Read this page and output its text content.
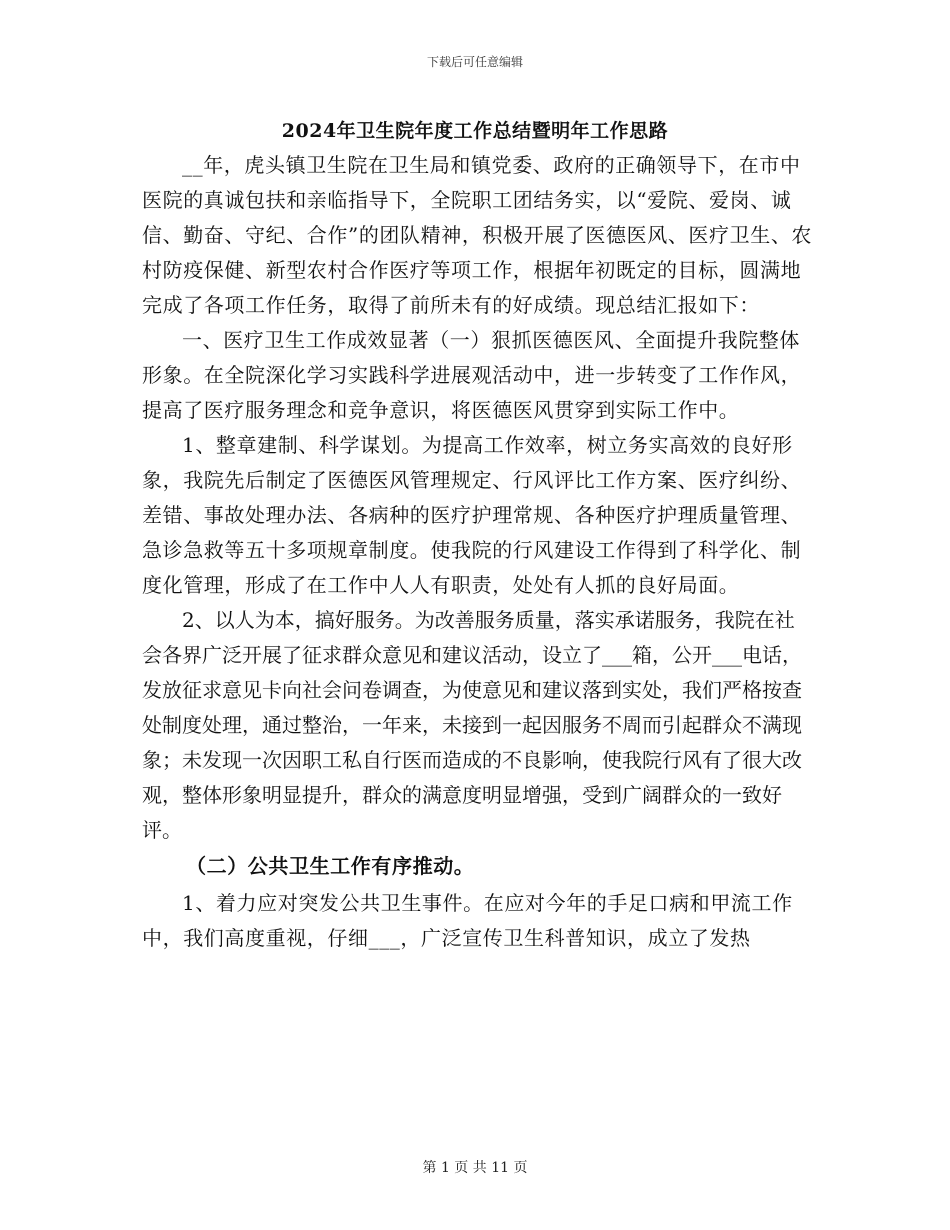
下载后可任意编辑
2024年卫生院年度工作总结暨明年工作思路

__年，虎头镇卫生院在卫生局和镇党委、政府的正确领导下，在市中医院的真诚包扶和亲临指导下，全院职工团结务实，以“爱院、爱岗、诚信、勤奋、守纪、合作”的团队精神，积极开展了医德医风、医疗卫生、农村防疫保健、新型农村合作医疗等项工作，根据年初既定的目标，圆满地完成了各项工作任务，取得了前所未有的好成绩。现总结汇报如下：

一、医疗卫生工作成效显著（一）狠抓医德医风、全面提升我院整体形象。在全院深化学习实践科学进展观活动中，进一步转变了工作作风，提高了医疗服务理念和竞争意识，将医德医风贯穿到实际工作中。

1、整章建制、科学谋划。为提高工作效率，树立务实高效的良好形象，我院先后制定了医德医风管理规定、行风评比工作方案、医疗纠纷、差错、事故处理办法、各病种的医疗护理常规、各种医疗护理质量管理、急诊急救等五十多项规章制度。使我院的行风建设工作得到了科学化、制度化管理，形成了在工作中人人有职责，处处有人抓的良好局面。

2、以人为本，搞好服务。为改善服务质量，落实承诺服务，我院在社会各界广泛开展了征求群众意见和建议活动，设立了___箱，公开___电话，发放征求意见卡向社会问卷调查，为使意见和建议落到实处，我们严格按查处制度处理，通过整治，一年来，未接到一起因服务不周而引起群众不满现象；未发现一次因职工私自行医而造成的不良影响，使我院行风有了很大改观，整体形象明显提升，群众的满意度明显增强，受到广阔群众的一致好评。

（二）公共卫生工作有序推动。

1、着力应对突发公共卫生事件。在应对今年的手足口病和甲流工作中，我们高度重视，仔细___，广泛宣传卫生科普知识，成立了发热

第 1 页 共 11 页
